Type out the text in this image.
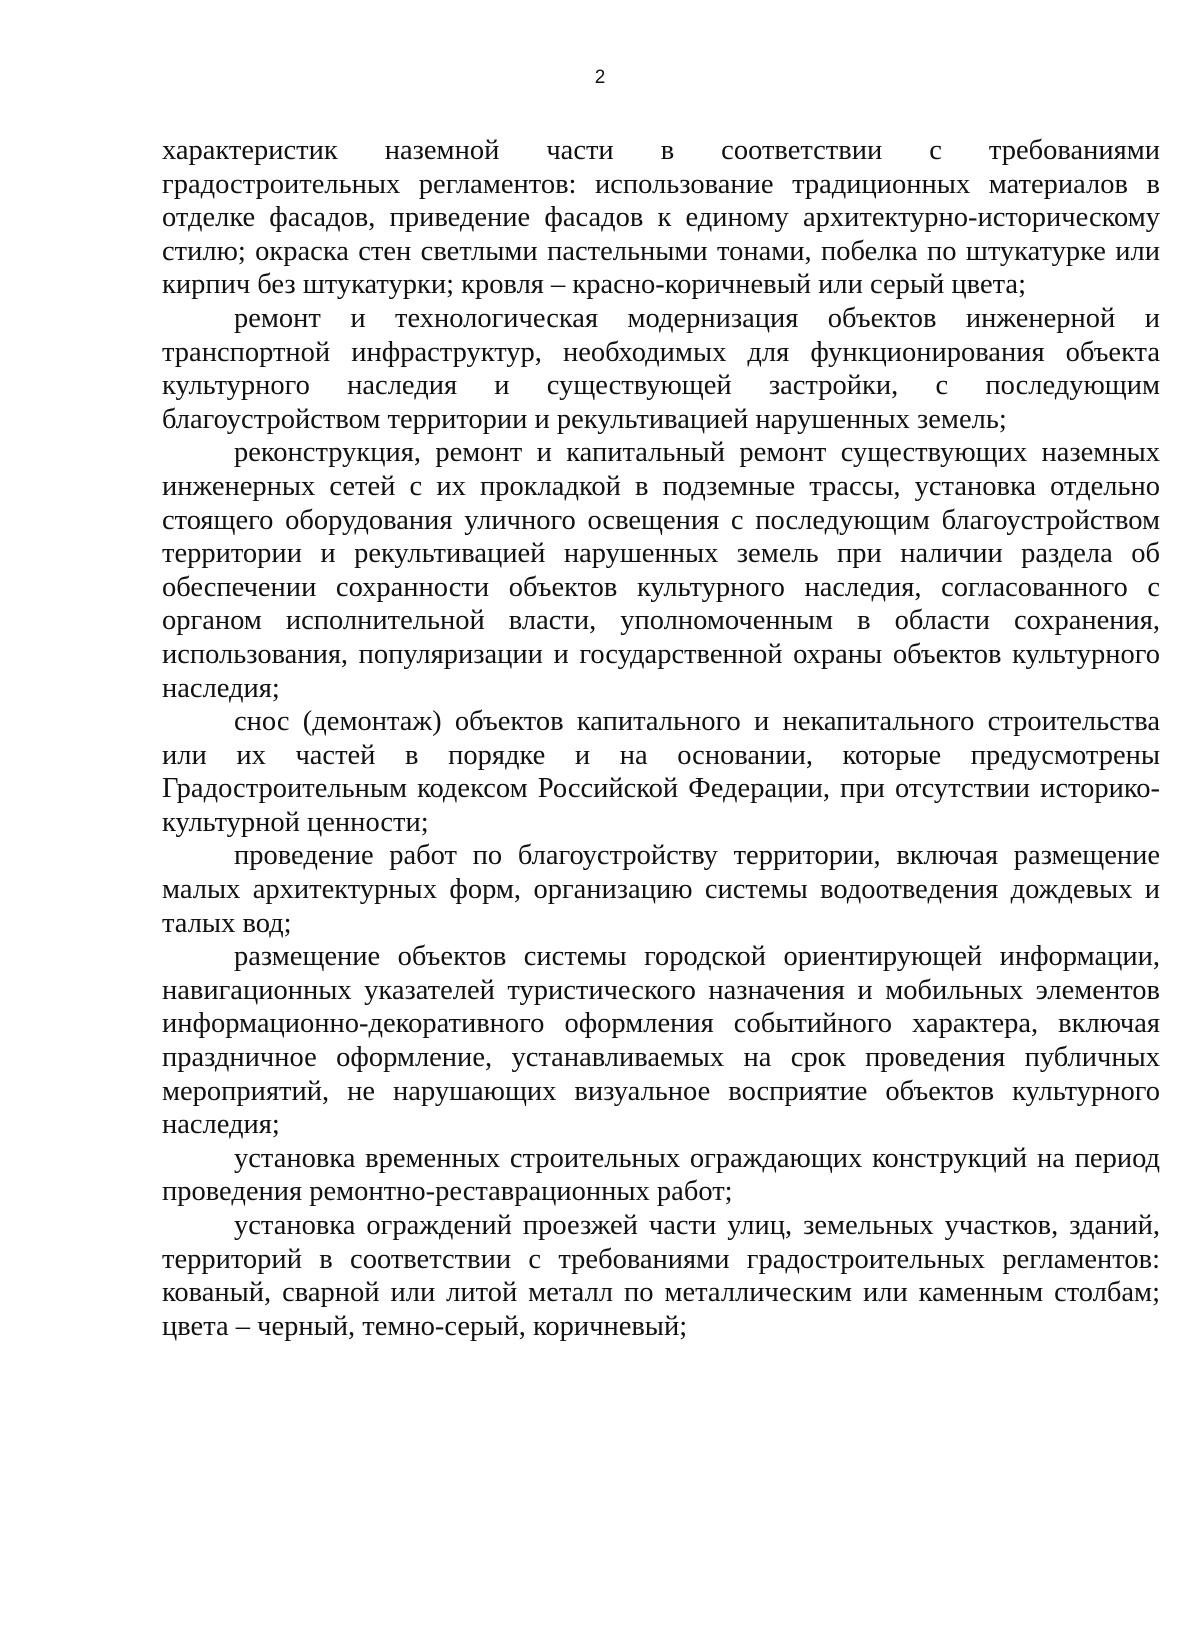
2

характеристик наземной части в соответствии с требованиями градостроительных регламентов: использование традиционных материалов в отделке фасадов, приведение фасадов к единому архитектурно-историческому стилю; окраска стен светлыми пастельными тонами, побелка по штукатурке или кирпич без штукатурки; кровля – красно-коричневый или серый цвета;

ремонт и технологическая модернизация объектов инженерной и транспортной инфраструктур, необходимых для функционирования объекта культурного наследия и существующей застройки, с последующим благоустройством территории и рекультивацией нарушенных земель;

реконструкция, ремонт и капитальный ремонт существующих наземных инженерных сетей с их прокладкой в подземные трассы, установка отдельно стоящего оборудования уличного освещения с последующим благоустройством территории и рекультивацией нарушенных земель при наличии раздела об обеспечении сохранности объектов культурного наследия, согласованного с органом исполнительной власти, уполномоченным в области сохранения, использования, популяризации и государственной охраны объектов культурного наследия;

снос (демонтаж) объектов капитального и некапитального строительства или их частей в порядке и на основании, которые предусмотрены Градостроительным кодексом Российской Федерации, при отсутствии историко-культурной ценности;

проведение работ по благоустройству территории, включая размещение малых архитектурных форм, организацию системы водоотведения дождевых и талых вод;

размещение объектов системы городской ориентирующей информации, навигационных указателей туристического назначения и мобильных элементов информационно-декоративного оформления событийного характера, включая праздничное оформление, устанавливаемых на срок проведения публичных мероприятий, не нарушающих визуальное восприятие объектов культурного наследия;

установка временных строительных ограждающих конструкций на период проведения ремонтно-реставрационных работ;

установка ограждений проезжей части улиц, земельных участков, зданий, территорий в соответствии с требованиями градостроительных регламентов: кованый, сварной или литой металл по металлическим или каменным столбам; цвета – черный, темно-серый, коричневый;
